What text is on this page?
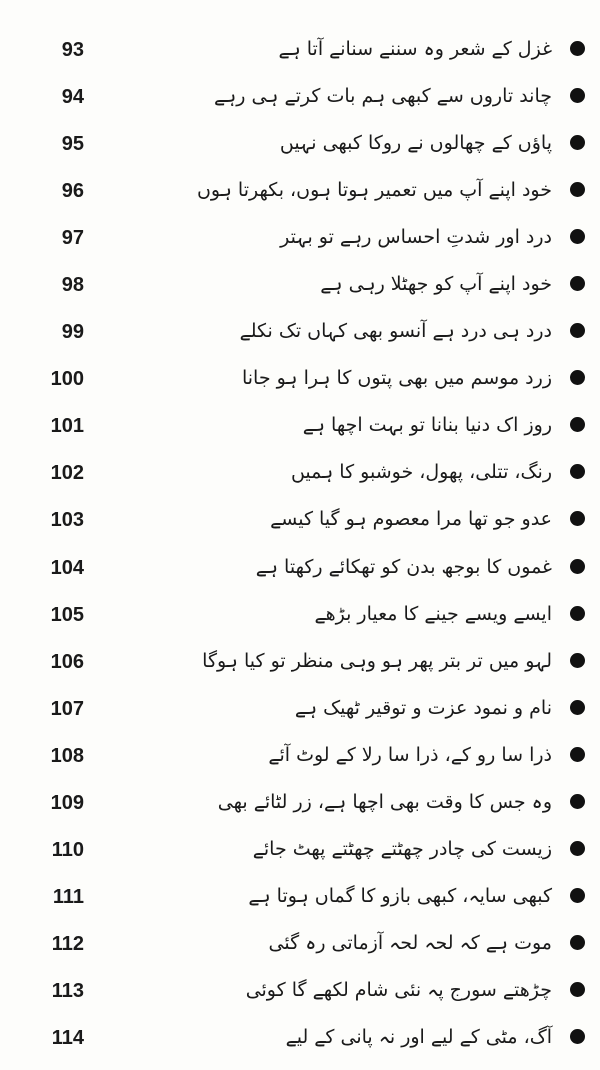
93	غزل کے شعر وہ سننے سنانے آتا ہے
94	چاند تاروں سے کبھی ہم بات کرتے ہی رہے
95	پاؤں کے چھالوں نے روکا کبھی نہیں
96	خود اپنے آپ میں تعمیر ہوتا ہوں، بکھرتا ہوں
97	درد اور شدتِ احساس رہے تو بہتر
98	خود اپنے آپ کو جھٹلا رہی ہے
99	درد ہی درد ہے آنسو بھی کہاں تک نکلے
100	زرد موسم میں بھی پتوں کا ہرا ہو جانا
101	روز اک دنیا بنانا تو بہت اچھا ہے
102	رنگ، تتلی، پھول، خوشبو کا ہمیں
103	عدو جو تھا مرا معصوم ہو گیا کیسے
104	غموں کا بوجھ بدن کو تھکائے رکھتا ہے
105	ایسے ویسے جینے کا معیار بڑھے
106	لہو میں تر بتر پھر ہو وہی منظر تو کیا ہوگا
107	نام و نمود عزت و توقیر ٹھیک ہے
108	ذرا سا رو کے، ذرا سا رلا کے لوٹ آئے
109	وہ جس کا وقت بھی اچھا ہے، زر لٹائے بھی
110	زیست کی چادر چھٹتے چھٹتے پھٹ جائے
111	کبھی سایہ، کبھی بازو کا گماں ہوتا ہے
112	موت ہے کہ لحہ لحہ آزماتی رہ گئی
113	چڑھتے سورج پہ نئی شام لکھے گا کوئی
114	آگ، مٹی کے لیے اور نہ پانی کے لیے
